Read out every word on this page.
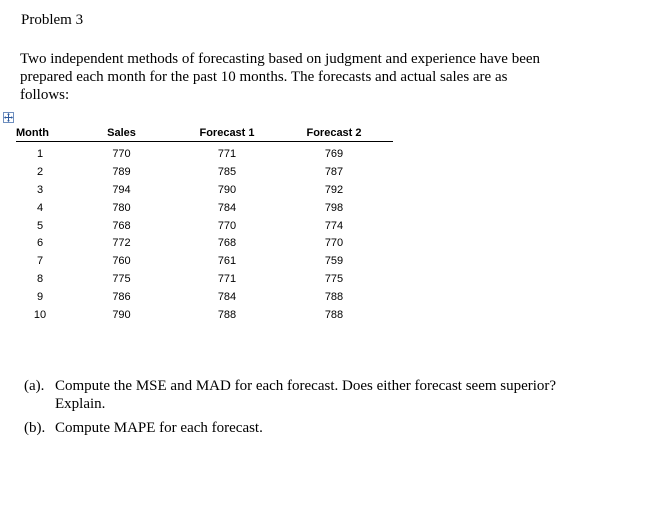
Problem 3
Two independent methods of forecasting based on judgment and experience have been
prepared each month for the past 10 months. The forecasts and actual sales are as
follows:
Month	Sales	Forecast 1	Forecast 2
1	770	771	769
2	789	785	787
3	794	790	792
4	780	784	798
5	768	770	774
6	772	768	770
7	760	761	759
8	775	771	775
9	786	784	788
10	790	788	788
(a). Compute the MSE and MAD for each forecast. Does either forecast seem superior?
Explain.
(b). Compute MAPE for each forecast.
